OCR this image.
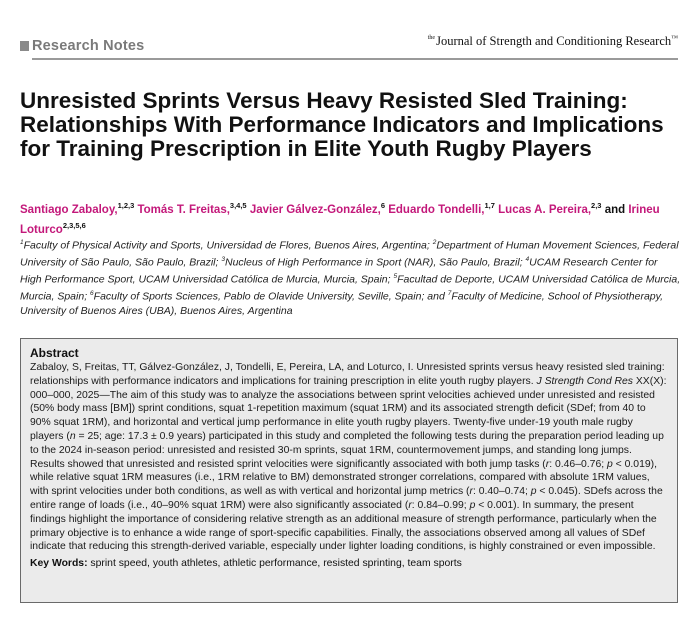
Research Notes	$^{the}$Journal of Strength and Conditioning Research™
Unresisted Sprints Versus Heavy Resisted Sled Training: Relationships With Performance Indicators and Implications for Training Prescription in Elite Youth Rugby Players
Santiago Zabaloy,$^{1,2,3}$ Tomás T. Freitas,$^{3,4,5}$ Javier Gálvez-González,$^6$ Eduardo Tondelli,$^{1,7}$ Lucas A. Pereira,$^{2,3}$ and Irineu Loturco$^{2,3,5,6}$
$^1$Faculty of Physical Activity and Sports, Universidad de Flores, Buenos Aires, Argentina; $^2$Department of Human Movement Sciences, Federal University of São Paulo, São Paulo, Brazil; $^3$Nucleus of High Performance in Sport (NAR), São Paulo, Brazil; $^4$UCAM Research Center for High Performance Sport, UCAM Universidad Católica de Murcia, Murcia, Spain; $^5$Facultad de Deporte, UCAM Universidad Católica de Murcia, Murcia, Spain; $^6$Faculty of Sports Sciences, Pablo de Olavide University, Seville, Spain; and $^7$Faculty of Medicine, School of Physiotherapy, University of Buenos Aires (UBA), Buenos Aires, Argentina
Abstract

Zabaloy, S, Freitas, TT, Gálvez-González, J, Tondelli, E, Pereira, LA, and Loturco, I. Unresisted sprints versus heavy resisted sled training: relationships with performance indicators and implications for training prescription in elite youth rugby players. J Strength Cond Res XX(X): 000–000, 2025—The aim of this study was to analyze the associations between sprint velocities achieved under unresisted and resisted (50% body mass [BM]) sprint conditions, squat 1-repetition maximum (squat 1RM) and its associated strength deficit (SDef; from 40 to 90% squat 1RM), and horizontal and vertical jump performance in elite youth rugby players. Twenty-five under-19 youth male rugby players (n = 25; age: 17.3 ± 0.9 years) participated in this study and completed the following tests during the preparation period leading up to the 2024 in-season period: unresisted and resisted 30-m sprints, squat 1RM, countermovement jumps, and standing long jumps. Results showed that unresisted and resisted sprint velocities were significantly associated with both jump tasks (r: 0.46–0.76; p < 0.019), while relative squat 1RM measures (i.e., 1RM relative to BM) demonstrated stronger correlations, compared with absolute 1RM values, with sprint velocities under both conditions, as well as with vertical and horizontal jump metrics (r: 0.40–0.74; p < 0.045). SDefs across the entire range of loads (i.e., 40–90% squat 1RM) were also significantly associated (r: 0.84–0.99; p < 0.001). In summary, the present findings highlight the importance of considering relative strength as an additional measure of strength performance, particularly when the primary objective is to enhance a wide range of sport-specific capabilities. Finally, the associations observed among all values of SDef indicate that reducing this strength-derived variable, especially under lighter loading conditions, is highly constrained or even impossible.

Key Words: sprint speed, youth athletes, athletic performance, resisted sprinting, team sports
